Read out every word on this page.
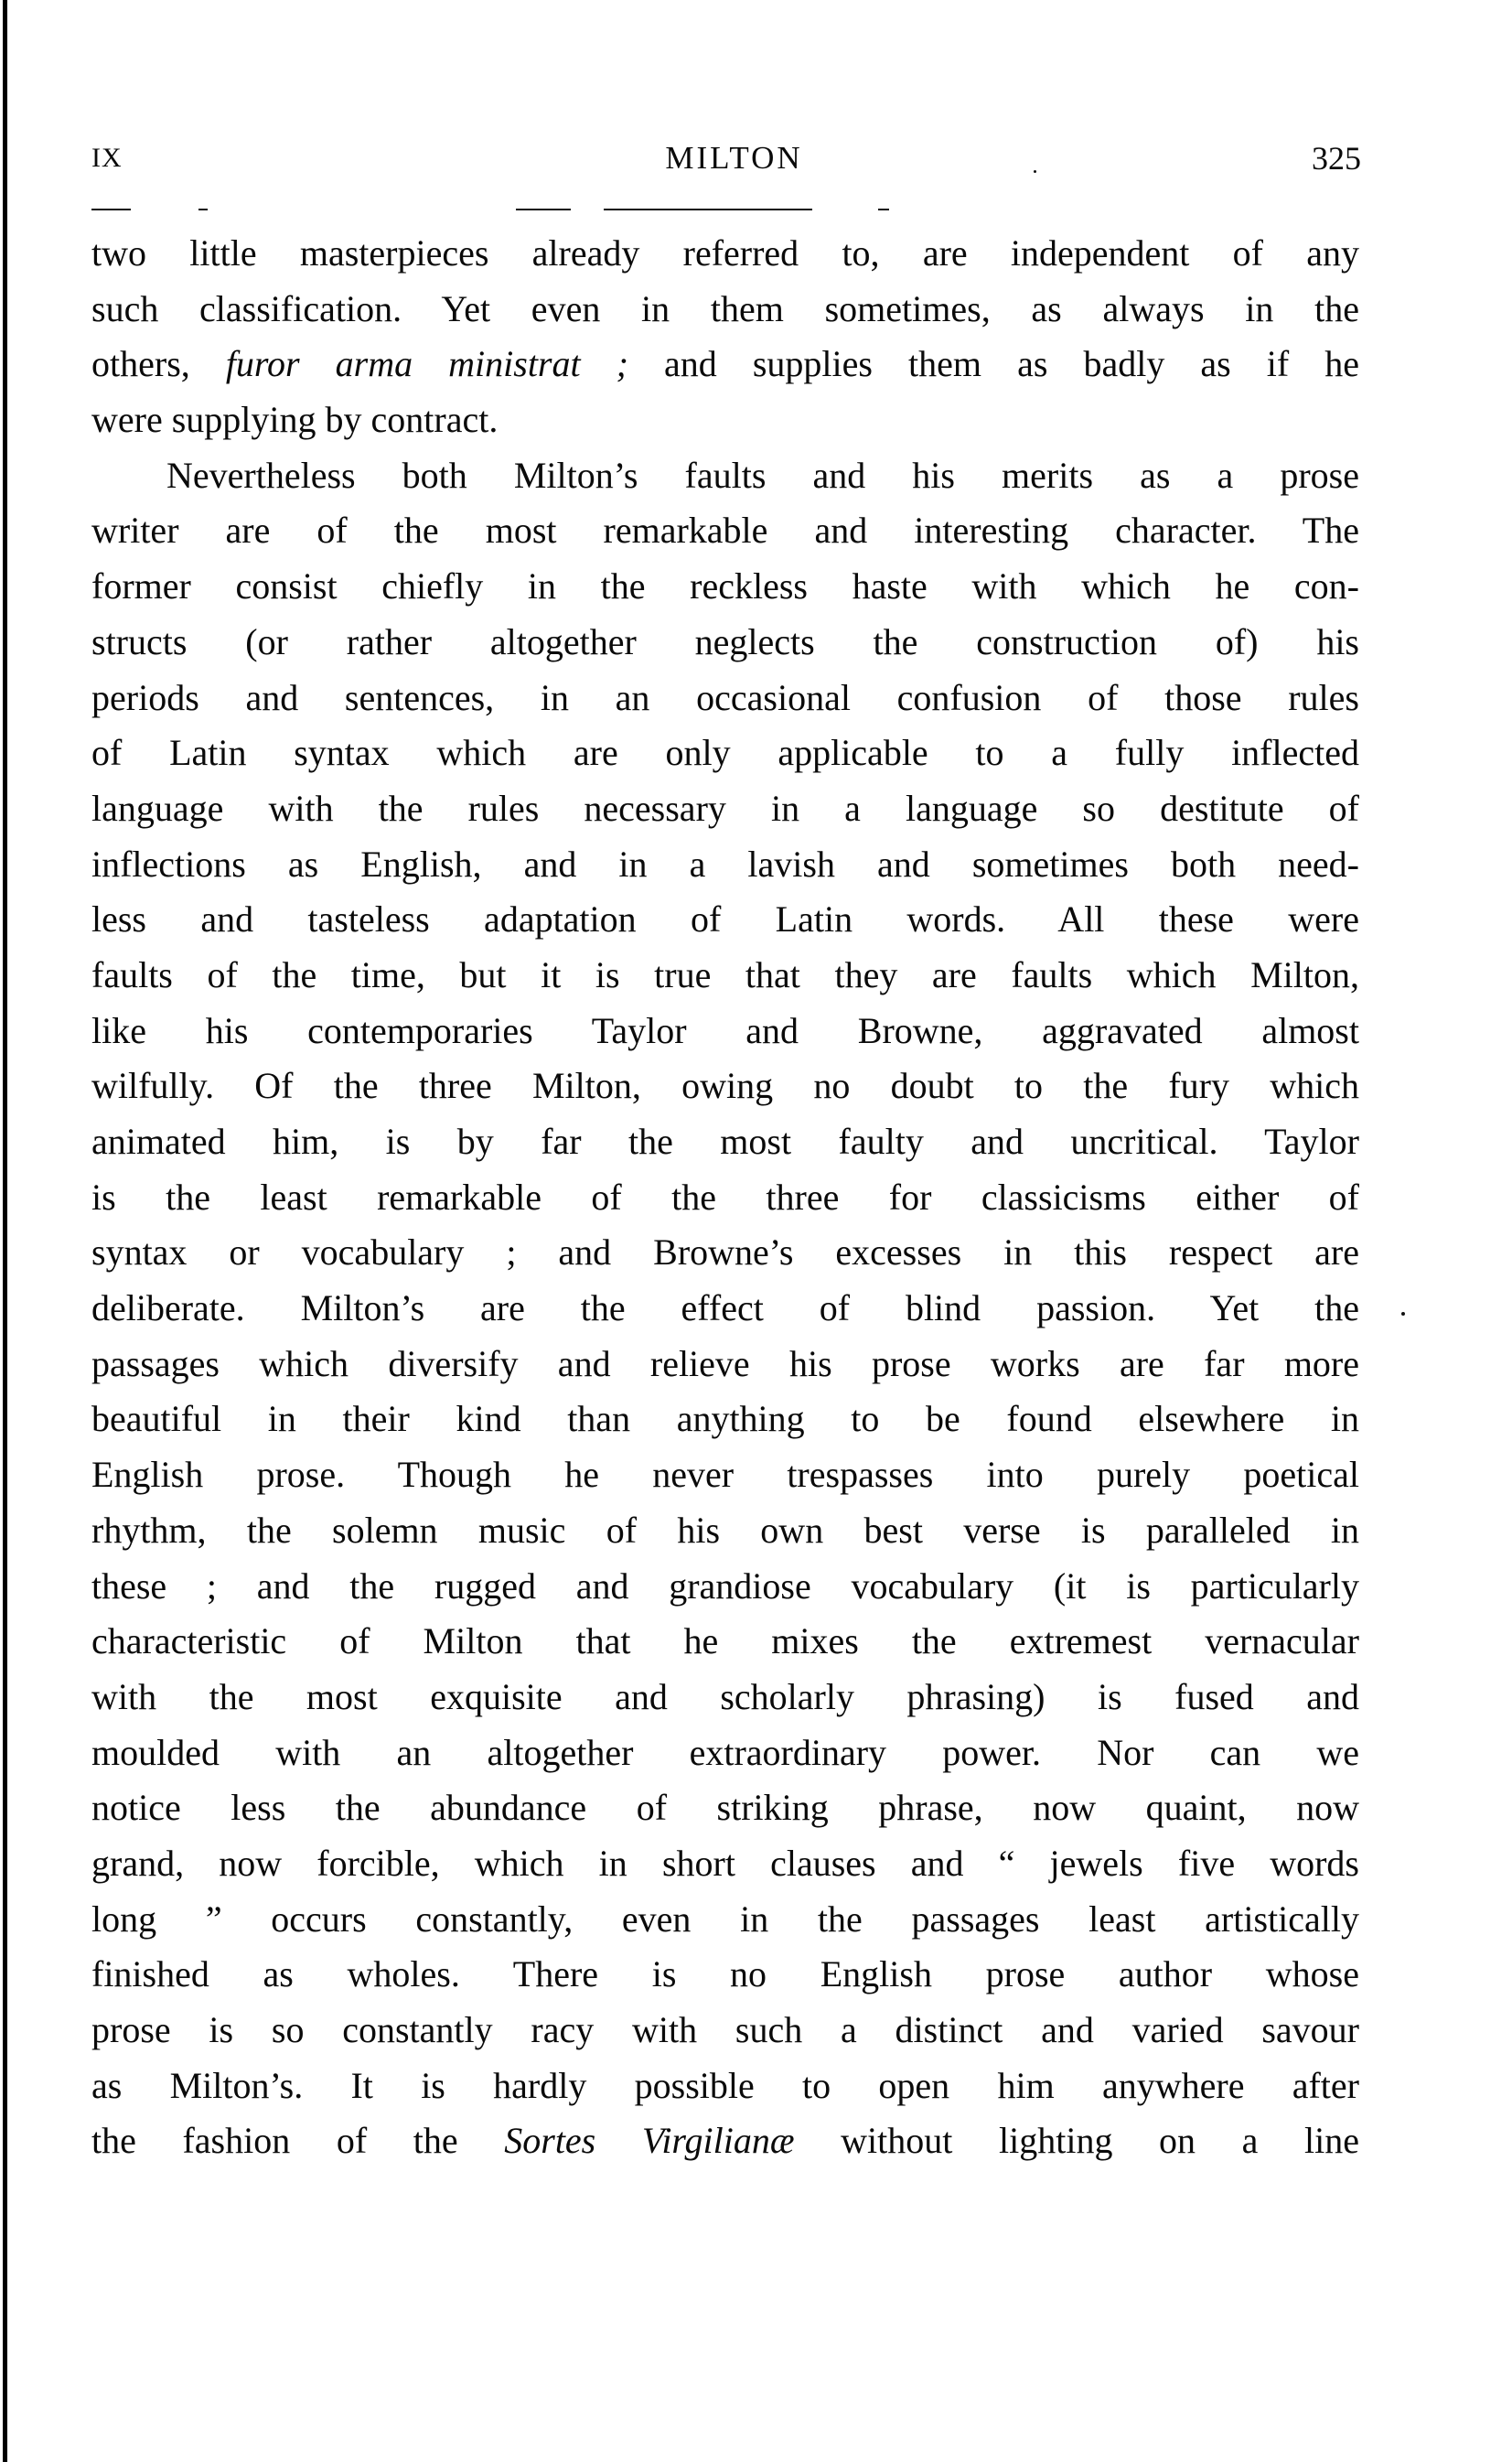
IX	MILTON	325
two little masterpieces already referred to, are independent of any
such classification. Yet even in them sometimes, as always in the
others, furor arma ministrat ; and supplies them as badly as if he
were supplying by contract.
Nevertheless both Milton’s faults and his merits as a prose
writer are of the most remarkable and interesting character. The
former consist chiefly in the reckless haste with which he con-
structs (or rather altogether neglects the construction of) his
periods and sentences, in an occasional confusion of those rules
of Latin syntax which are only applicable to a fully inflected
language with the rules necessary in a language so destitute of
inflections as English, and in a lavish and sometimes both need-
less and tasteless adaptation of Latin words. All these were
faults of the time, but it is true that they are faults which Milton,
like his contemporaries Taylor and Browne, aggravated almost
wilfully. Of the three Milton, owing no doubt to the fury which
animated him, is by far the most faulty and uncritical. Taylor
is the least remarkable of the three for classicisms either of
syntax or vocabulary ; and Browne’s excesses in this respect are
deliberate. Milton’s are the effect of blind passion. Yet the
passages which diversify and relieve his prose works are far more
beautiful in their kind than anything to be found elsewhere in
English prose. Though he never trespasses into purely poetical
rhythm, the solemn music of his own best verse is paralleled in
these ; and the rugged and grandiose vocabulary (it is particularly
characteristic of Milton that he mixes the extremest vernacular
with the most exquisite and scholarly phrasing) is fused and
moulded with an altogether extraordinary power. Nor can we
notice less the abundance of striking phrase, now quaint, now
grand, now forcible, which in short clauses and “ jewels five words
long ” occurs constantly, even in the passages least artistically
finished as wholes. There is no English prose author whose
prose is so constantly racy with such a distinct and varied savour
as Milton’s. It is hardly possible to open him anywhere after
the fashion of the Sortes Virgilianæ without lighting on a line
